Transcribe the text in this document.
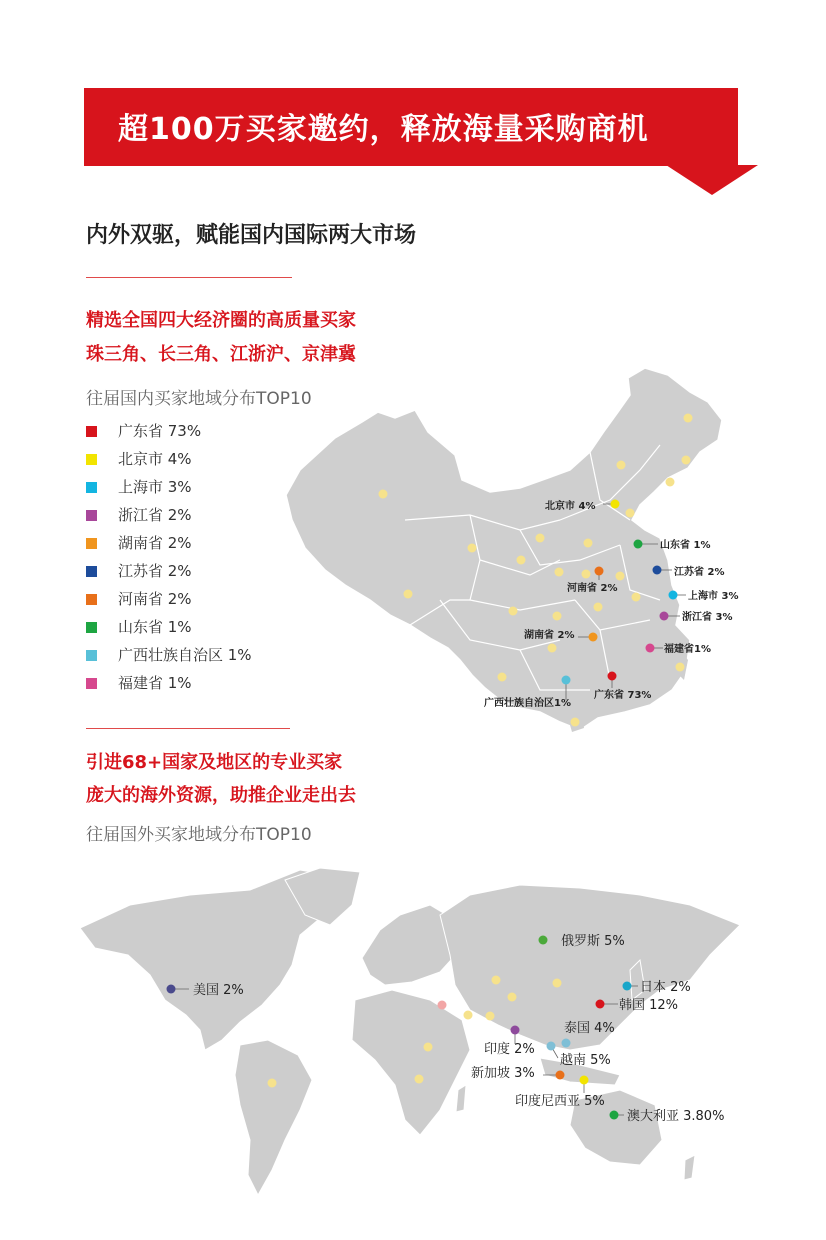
超100万买家邀约，释放海量采购商机
内外双驱，赋能国内国际两大市场
精选全国四大经济圈的高质量买家
珠三角、长三角、江浙沪、京津冀
往届国内买家地域分布TOP10
广东省 73%
北京市 4%
上海市 3%
浙江省 2%
湖南省 2%
江苏省 2%
河南省 2%
山东省 1%
广西壮族自治区 1%
福建省 1%
北京市 4%
山东省 1%
江苏省 2%
河南省 2%
上海市 3%
浙江省 3%
湖南省 2%
福建省1%
广东省 73%
广西壮族自治区1%
引进68+国家及地区的专业买家
庞大的海外资源，助推企业走出去
往届国外买家地域分布TOP10
俄罗斯 5%
美国 2%	日本 2%
韩国 12%
泰国 4%
印度 2%
越南 5%
新加坡 3%
印度尼西亚 5%
澳大利亚 3.80%
